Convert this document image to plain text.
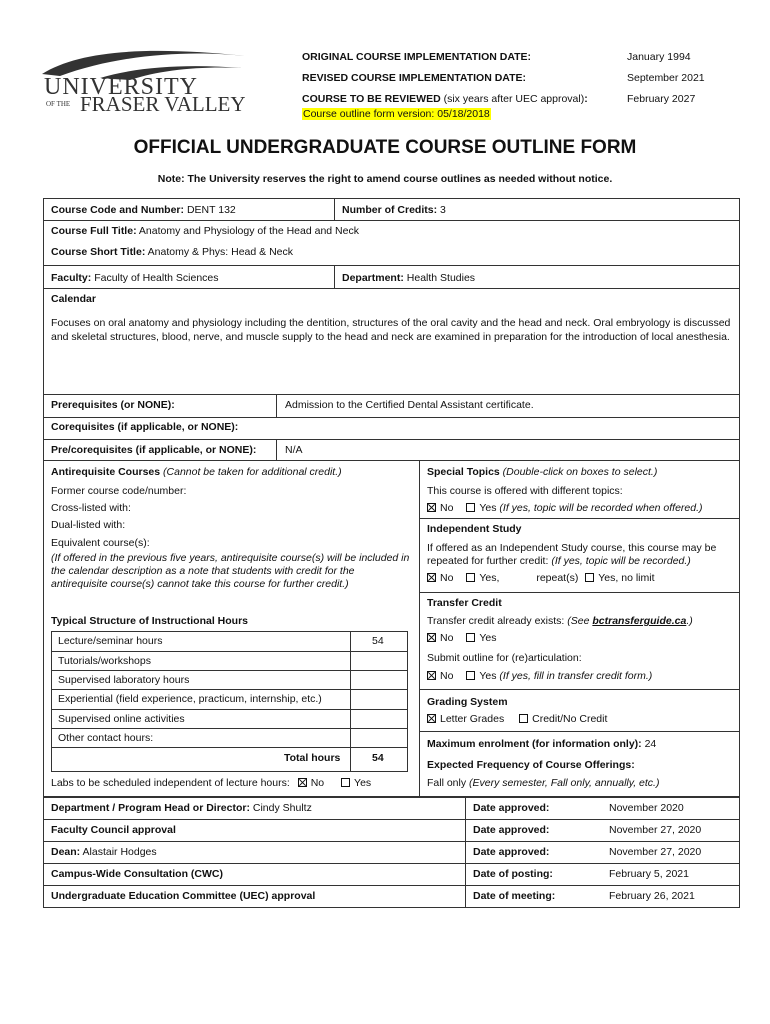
UNIVERSITY
OF THE FRASER VALLEY
ORIGINAL COURSE IMPLEMENTATION DATE:	January 1994
REVISED COURSE IMPLEMENTATION DATE:	September 2021
COURSE TO BE REVIEWED (six years after UEC approval):	February 2027
Course outline form version: 05/18/2018
OFFICIAL UNDERGRADUATE COURSE OUTLINE FORM
Note: The University reserves the right to amend course outlines as needed without notice.
Course Code and Number: DENT 132	Number of Credits: 3
Course Full Title: Anatomy and Physiology of the Head and Neck
Course Short Title: Anatomy & Phys: Head & Neck
Faculty: Faculty of Health Sciences	Department: Health Studies
Calendar
Focuses on oral anatomy and physiology including the dentition, structures of the oral cavity and the head and neck. Oral embryology is discussed and skeletal structures, blood, nerve, and muscle supply to the head and neck are examined in preparation for the introduction of local anesthesia.
Prerequisites (or NONE):	Admission to the Certified Dental Assistant certificate.
Corequisites (if applicable, or NONE):
Pre/corequisites (if applicable, or NONE):	N/A
Antirequisite Courses (Cannot be taken for additional credit.)
Former course code/number:
Cross-listed with:
Dual-listed with:
Equivalent course(s):
(If offered in the previous five years, antirequisite course(s) will be included in the calendar description as a note that students with credit for the antirequisite course(s) cannot take this course for further credit.)
Typical Structure of Instructional Hours
Lecture/seminar hours	54
Tutorials/workshops
Supervised laboratory hours
Experiential (field experience, practicum, internship, etc.)
Supervised online activities
Other contact hours:
Total hours	54
Labs to be scheduled independent of lecture hours: No	Yes
Special Topics (Double-click on boxes to select.)
This course is offered with different topics:
No Yes (If yes, topic will be recorded when offered.)
Independent Study
If offered as an Independent Study course, this course may be repeated for further credit: (If yes, topic will be recorded.)
No Yes,	repeat(s) Yes, no limit
Transfer Credit
Transfer credit already exists: (See bctransferguide.ca.)
No Yes
Submit outline for (re)articulation:
No Yes (If yes, fill in transfer credit form.)
Grading System
Letter Grades	Credit/No Credit
Maximum enrolment (for information only): 24
Expected Frequency of Course Offerings:
Fall only (Every semester, Fall only, annually, etc.)
Department / Program Head or Director: Cindy Shultz	Date approved:	November 2020
Faculty Council approval	Date approved:	November 27, 2020
Dean: Alastair Hodges	Date approved:	November 27, 2020
Campus-Wide Consultation (CWC)	Date of posting:	February 5, 2021
Undergraduate Education Committee (UEC) approval	Date of meeting:	February 26, 2021
